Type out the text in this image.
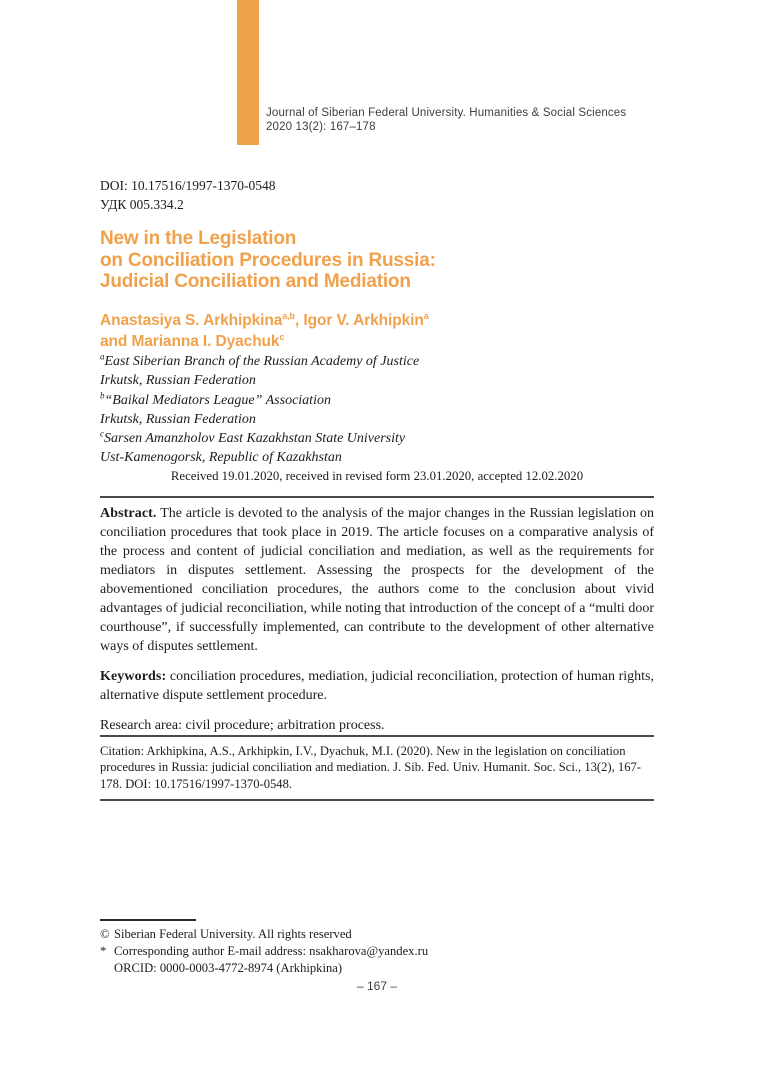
Journal of Siberian Federal University. Humanities & Social Sciences
2020 13(2): 167–178
DOI: 10.17516/1997-1370-0548
УДК 005.334.2
New in the Legislation
on Conciliation Procedures in Russia:
Judicial Conciliation and Mediation
Anastasiya S. Arkhipkina$^{a,b}$, Igor V. Arkhipkin$^a$
and Marianna I. Dyachuk$^c$
$^a$East Siberian Branch of the Russian Academy of Justice
Irkutsk, Russian Federation
$^b$“Baikal Mediators League” Association
Irkutsk, Russian Federation
$^c$Sarsen Amanzholov East Kazakhstan State University
Ust-Kamenogorsk, Republic of Kazakhstan
Received 19.01.2020, received in revised form 23.01.2020, accepted 12.02.2020

Abstract. The article is devoted to the analysis of the major changes in the Russian legislation on conciliation procedures that took place in 2019. The article focuses on a comparative analysis of the process and content of judicial conciliation and mediation, as well as the requirements for mediators in disputes settlement. Assessing the prospects for the development of the abovementioned conciliation procedures, the authors come to the conclusion about vivid advantages of judicial reconciliation, while noting that introduction of the concept of a “multi door courthouse”, if successfully implemented, can contribute to the development of other alternative ways of disputes settlement.

Keywords: conciliation procedures, mediation, judicial reconciliation, protection of human rights, alternative dispute settlement procedure.

Research area: civil procedure; arbitration process.

Citation: Arkhipkina, A.S., Arkhipkin, I.V., Dyachuk, M.I. (2020). New in the legislation on conciliation procedures in Russia: judicial conciliation and mediation. J. Sib. Fed. Univ. Humanit. Soc. Sci., 13(2), 167-178. DOI: 10.17516/1997-1370-0548.
© Siberian Federal University. All rights reserved
* Corresponding author E-mail address: nsakharova@yandex.ru
ORCID: 0000-0003-4772-8974 (Arkhipkina)
– 167 –
